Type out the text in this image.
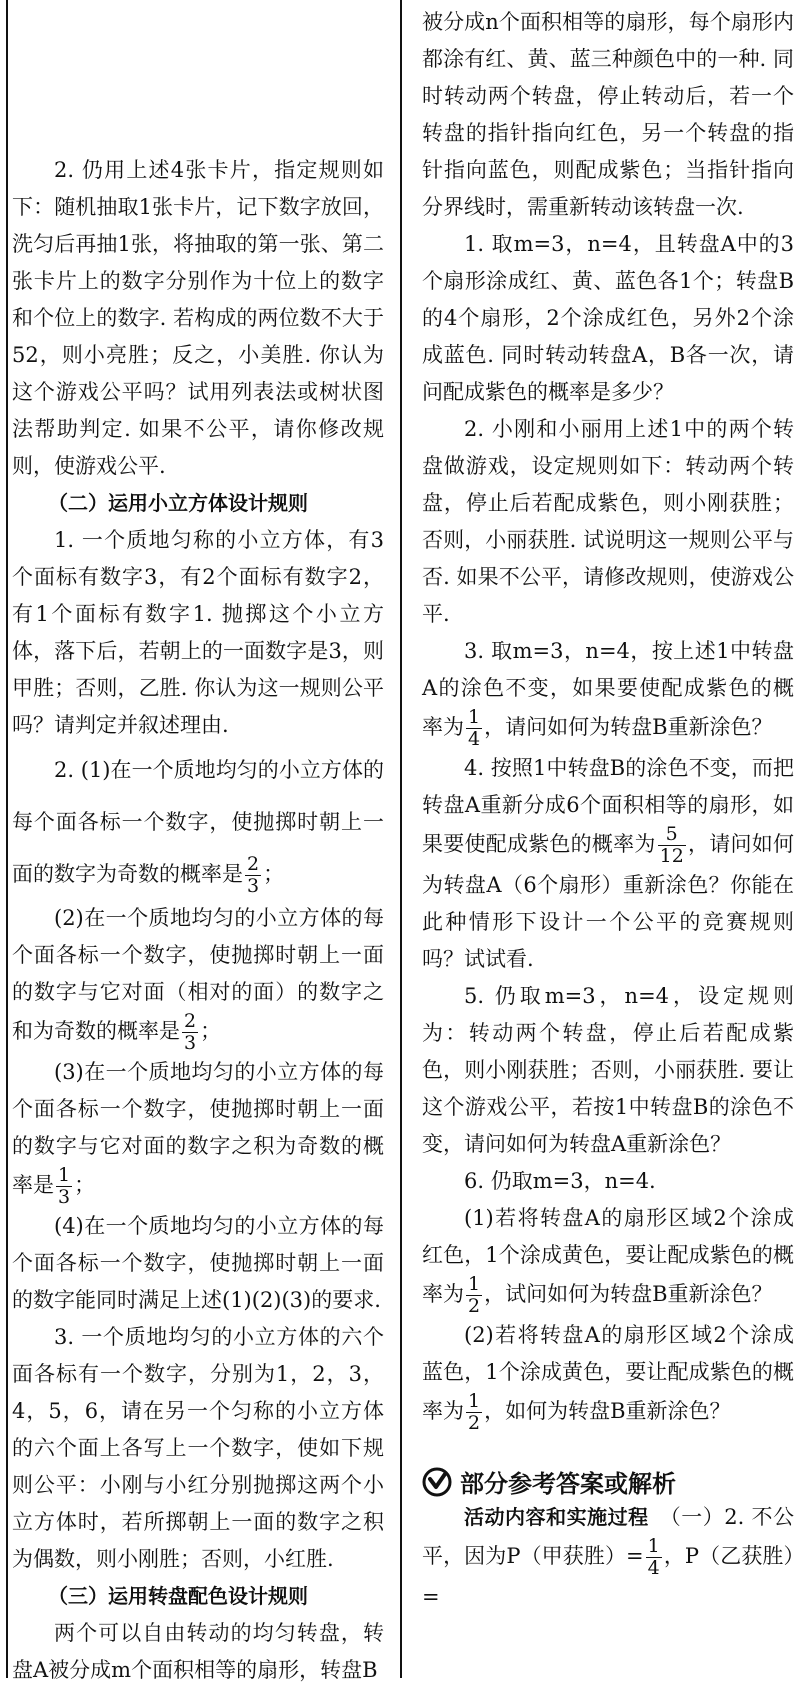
2. 仍用上述4张卡片，指定规则如下：随机抽取1张卡片，记下数字放回，洗匀后再抽1张，将抽取的第一张、第二张卡片上的数字分别作为十位上的数字和个位上的数字. 若构成的两位数不大于52，则小亮胜；反之，小美胜. 你认为这个游戏公平吗？试用列表法或树状图法帮助判定. 如果不公平，请你修改规则，使游戏公平.

（二）运用小立方体设计规则

1. 一个质地匀称的小立方体，有3个面标有数字3，有2个面标有数字2，有1个面标有数字1. 抛掷这个小立方体，落下后，若朝上的一面数字是3，则甲胜；否则，乙胜. 你认为这一规则公平吗？请判定并叙述理由.

2. (1)在一个质地均匀的小立方体的每个面各标一个数字，使抛掷时朝上一面的数字为奇数的概率是 $\frac{2}{3}$ ；

(2)在一个质地均匀的小立方体的每个面各标一个数字，使抛掷时朝上一面的数字与它对面（相对的面）的数字之和为奇数的概率是 $\frac{2}{3}$ ；

(3)在一个质地均匀的小立方体的每个面各标一个数字，使抛掷时朝上一面的数字与它对面的数字之积为奇数的概率是 $\frac{1}{3}$ ；

(4)在一个质地均匀的小立方体的每个面各标一个数字，使抛掷时朝上一面的数字能同时满足上述(1)(2)(3)的要求.

3. 一个质地均匀的小立方体的六个面各标有一个数字，分别为1，2，3，4，5，6，请在另一个匀称的小立方体的六个面上各写上一个数字，使如下规则公平：小刚与小红分别抛掷这两个小立方体时，若所掷朝上一面的数字之积为偶数，则小刚胜；否则，小红胜.

（三）运用转盘配色设计规则

两个可以自由转动的均匀转盘，转盘A被分成m个面积相等的扇形，转盘B

被分成n个面积相等的扇形，每个扇形内都涂有红、黄、蓝三种颜色中的一种. 同时转动两个转盘，停止转动后，若一个转盘的指针指向红色，另一个转盘的指针指向蓝色，则配成紫色；当指针指向分界线时，需重新转动该转盘一次.

1. 取m=3，n=4，且转盘A中的3个扇形涂成红、黄、蓝色各1个；转盘B的4个扇形，2个涂成红色，另外2个涂成蓝色. 同时转动转盘A，B各一次，请问配成紫色的概率是多少？

2. 小刚和小丽用上述1中的两个转盘做游戏，设定规则如下：转动两个转盘，停止后若配成紫色，则小刚获胜；否则，小丽获胜. 试说明这一规则公平与否. 如果不公平，请修改规则，使游戏公平.

3. 取m=3，n=4，按上述1中转盘A的涂色不变，如果要使配成紫色的概率为 $\frac{1}{4}$ ，请问如何为转盘B重新涂色？

4. 按照1中转盘B的涂色不变，而把转盘A重新分成6个面积相等的扇形，如果要使配成紫色的概率为 $\frac{5}{12}$ ，请问如何为转盘A（6个扇形）重新涂色？你能在此种情形下设计一个公平的竞赛规则吗？试试看.

5. 仍取m=3，n=4，设定规则为：转动两个转盘，停止后若配成紫色，则小刚获胜；否则，小丽获胜. 要让这个游戏公平，若按1中转盘B的涂色不变，请问如何为转盘A重新涂色？

6. 仍取m=3，n=4.

(1)若将转盘A的扇形区域2个涂成红色，1个涂成黄色，要让配成紫色的概率为 $\frac{1}{2}$ ，试问如何为转盘B重新涂色？

(2)若将转盘A的扇形区域2个涂成蓝色，1个涂成黄色，要让配成紫色的概率为 $\frac{1}{2}$ ，如何为转盘B重新涂色？

部分参考答案或解析

活动内容和实施过程　 （一）2. 不公平，因为P（甲获胜）= $\frac{1}{4}$ ，P（乙获胜）=
